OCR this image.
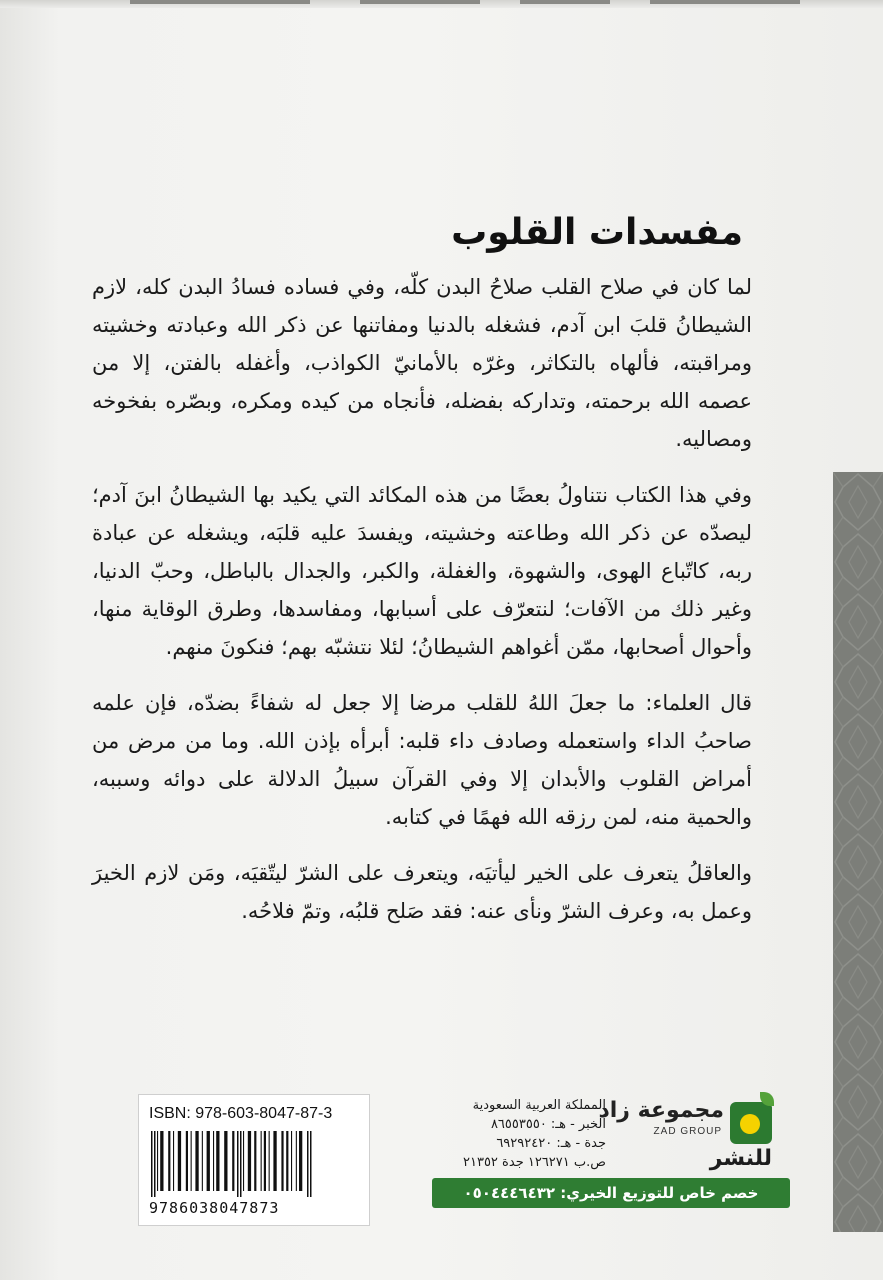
مفسدات القلوب

لما كان في صلاح القلب صلاحُ البدن كلّه، وفي فساده فسادُ البدن كله، لازم الشيطانُ قلبَ ابن آدم، فشغله بالدنيا ومفاتنها عن ذكر الله وعبادته وخشيته ومراقبته، فألهاه بالتكاثر، وغرّه بالأمانيّ الكواذب، وأغفله بالفتن، إلا من عصمه الله برحمته، وتداركه بفضله، فأنجاه من كيده ومكره، وبصّره بفخوخه ومصاليه.

وفي هذا الكتاب نتناولُ بعضًا من هذه المكائد التي يكيد بها الشيطانُ ابنَ آدم؛ ليصدّه عن ذكر الله وطاعته وخشيته، ويفسدَ عليه قلبَه، ويشغله عن عبادة ربه، كاتّباع الهوى، والشهوة، والغفلة، والكبر، والجدال بالباطل، وحبّ الدنيا، وغير ذلك من الآفات؛ لنتعرّف على أسبابها، ومفاسدها، وطرق الوقاية منها، وأحوال أصحابها، ممّن أغواهم الشيطانُ؛ لئلا نتشبّه بهم؛ فنكونَ منهم.

قال العلماء: ما جعلَ اللهُ للقلب مرضا إلا جعل له شفاءً بضدّه، فإن علمه صاحبُ الداء واستعمله وصادف داء قلبه: أبرأه بإذن الله. وما من مرض من أمراض القلوب والأبدان إلا وفي القرآن سبيلُ الدلالة على دوائه وسببه، والحمية منه، لمن رزقه الله فهمًا في كتابه.

والعاقلُ يتعرف على الخير ليأتيَه، ويتعرف على الشرّ ليتّقيَه، ومَن لازم الخيرَ وعمل به، وعرف الشرّ ونأى عنه: فقد صَلح قلبُه، وتمّ فلاحُه.

ISBN: 978-603-8047-87-3
9786038047873
المملكة العربية السعودية
الخبر - هـ: ٨٦٥٥٣٥٥٠
جدة - هـ: ٦٩٢٩٢٤٢٠
ص.ب ١٢٦٢٧١ جدة ٢١٣٥٢
مجموعة زاد
ZAD GROUP
للنشر
خصم خاص للتوزيع الخيري: ٠٥٠٤٤٤٦٤٣٢
